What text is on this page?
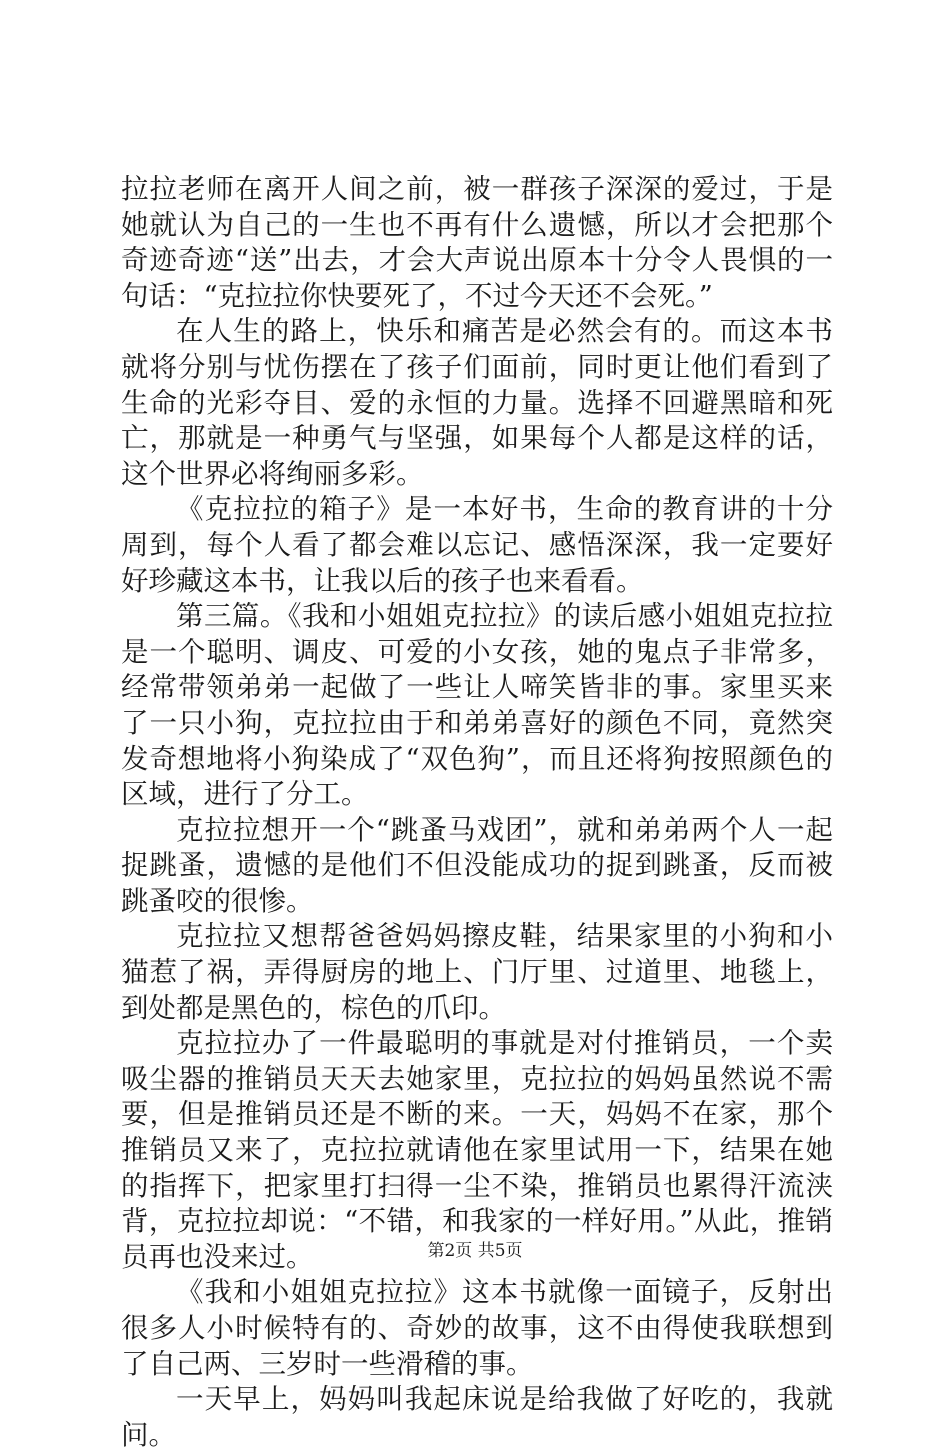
拉拉老师在离开人间之前，被一群孩子深深的爱过，于是她就认为自己的一生也不再有什么遗憾，所以才会把那个奇迹奇迹“送”出去，才会大声说出原本十分令人畏惧的一句话：“克拉拉你快要死了，不过今天还不会死。”

在人生的路上，快乐和痛苦是必然会有的。而这本书就将分别与忧伤摆在了孩子们面前，同时更让他们看到了生命的光彩夺目、爱的永恒的力量。选择不回避黑暗和死亡，那就是一种勇气与坚强，如果每个人都是这样的话，这个世界必将绚丽多彩。

《克拉拉的箱子》是一本好书，生命的教育讲的十分周到，每个人看了都会难以忘记、感悟深深，我一定要好好珍藏这本书，让我以后的孩子也来看看。

第三篇。《我和小姐姐克拉拉》的读后感小姐姐克拉拉是一个聪明、调皮、可爱的小女孩，她的鬼点子非常多，经常带领弟弟一起做了一些让人啼笑皆非的事。家里买来了一只小狗，克拉拉由于和弟弟喜好的颜色不同，竟然突发奇想地将小狗染成了“双色狗”，而且还将狗按照颜色的区域，进行了分工。

克拉拉想开一个“跳蚤马戏团”，就和弟弟两个人一起捉跳蚤，遗憾的是他们不但没能成功的捉到跳蚤，反而被跳蚤咬的很惨。

克拉拉又想帮爸爸妈妈擦皮鞋，结果家里的小狗和小猫惹了祸，弄得厨房的地上、门厅里、过道里、地毯上，到处都是黑色的，棕色的爪印。

克拉拉办了一件最聪明的事就是对付推销员，一个卖吸尘器的推销员天天去她家里，克拉拉的妈妈虽然说不需要，但是推销员还是不断的来。一天，妈妈不在家，那个推销员又来了，克拉拉就请他在家里试用一下，结果在她的指挥下，把家里打扫得一尘不染，推销员也累得汗流浃背，克拉拉却说：“不错，和我家的一样好用。”从此，推销员再也没来过。

《我和小姐姐克拉拉》这本书就像一面镜子，反射出很多人小时候特有的、奇妙的故事，这不由得使我联想到了自己两、三岁时一些滑稽的事。

一天早上，妈妈叫我起床说是给我做了好吃的，我就问。

第2页 共5页
